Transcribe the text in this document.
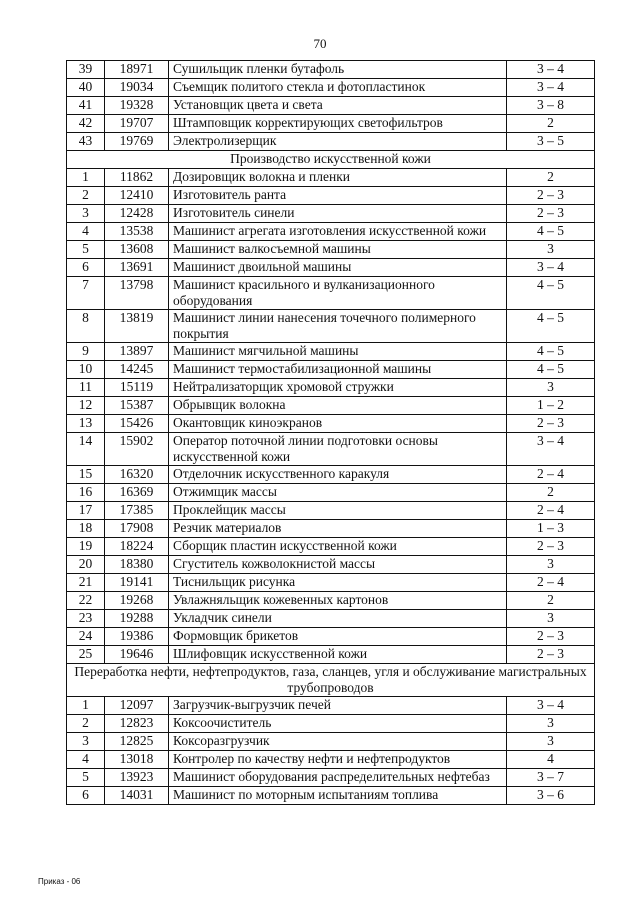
70
39	18971	Сушильщик пленки бутафоль	3 – 4
40	19034	Съемщик политого стекла и фотопластинок	3 – 4
41	19328	Установщик цвета и света	3 – 8
42	19707	Штамповщик корректирующих светофильтров	2
43	19769	Электролизерщик	3 – 5
Производство искусственной кожи			
1	11862	Дозировщик волокна и пленки	2
2	12410	Изготовитель ранта	2 – 3
3	12428	Изготовитель синели	2 – 3
4	13538	Машинист агрегата изготовления искусственной кожи	4 – 5
5	13608	Машинист валкосъемной машины	3
6	13691	Машинист двоильной машины	3 – 4
7	13798	Машинист красильного и вулканизационного оборудования	4 – 5
8	13819	Машинист линии нанесения точечного полимерного покрытия	4 – 5
9	13897	Машинист мягчильной машины	4 – 5
10	14245	Машинист термостабилизационной машины	4 – 5
11	15119	Нейтрализаторщик хромовой стружки	3
12	15387	Обрывщик волокна	1 – 2
13	15426	Окантовщик киноэкранов	2 – 3
14	15902	Оператор поточной линии подготовки основы искусственной кожи	3 – 4
15	16320	Отделочник искусственного каракуля	2 – 4
16	16369	Отжимщик массы	2
17	17385	Проклейщик массы	2 – 4
18	17908	Резчик материалов	1 – 3
19	18224	Сборщик пластин искусственной кожи	2 – 3
20	18380	Сгуститель кожволокнистой массы	3
21	19141	Тиснильщик рисунка	2 – 4
22	19268	Увлажняльщик кожевенных картонов	2
23	19288	Укладчик синели	3
24	19386	Формовщик брикетов	2 – 3
25	19646	Шлифовщик искусственной кожи	2 – 3
Переработка нефти, нефтепродуктов, газа, сланцев, угля и обслуживание магистральных трубопроводов			
1	12097	Загрузчик-выгрузчик печей	3 – 4
2	12823	Коксоочиститель	3
3	12825	Коксоразгрузчик	3
4	13018	Контролер по качеству нефти и нефтепродуктов	4
5	13923	Машинист оборудования распределительных нефтебаз	3 – 7
6	14031	Машинист по моторным испытаниям топлива	3 – 6
Приказ - 06
